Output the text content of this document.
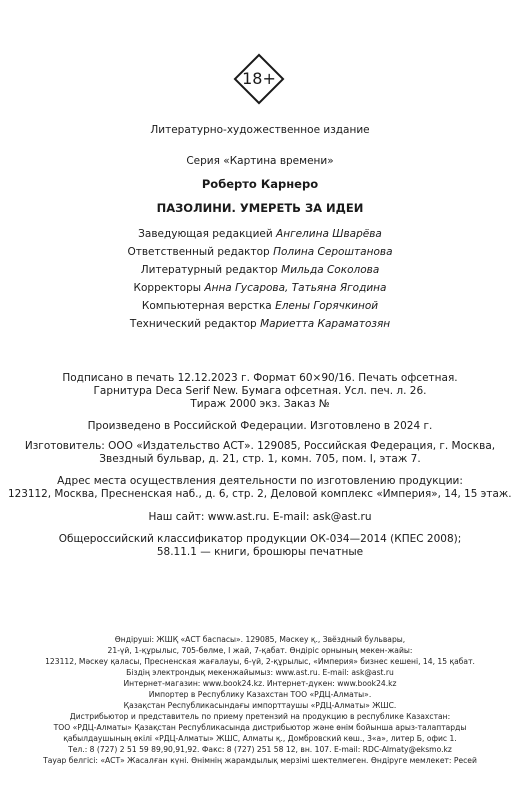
18+
Литературно-художественное издание
Серия «Картина времени»
Роберто Карнеро
ПАЗОЛИНИ. УМЕРЕТЬ ЗА ИДЕИ
Заведующая редакцией Ангелина Шварёва
Ответственный редактор Полина Сероштанова
Литературный редактор Мильда Соколова
Корректоры Анна Гусарова, Татьяна Ягодина
Компьютерная верстка Елены Горячкиной
Технический редактор Мариетта Караматозян
Подписано в печать 12.12.2023 г. Формат 60×90/16. Печать офсетная.
Гарнитура Deca Serif New. Бумага офсетная. Усл. печ. л. 26.
Тираж 2000 экз. Заказ №
Произведено в Российской Федерации. Изготовлено в 2024 г.
Изготовитель: ООО «Издательство АСТ». 129085, Российская Федерация, г. Москва,
Звездный бульвар, д. 21, стр. 1, комн. 705, пом. I, этаж 7.
Адрес места осуществления деятельности по изготовлению продукции:
123112, Москва, Пресненская наб., д. 6, стр. 2, Деловой комплекс «Империя», 14, 15 этаж.
Наш сайт: www.ast.ru. E-mail: ask@ast.ru
Общероссийский классификатор продукции ОК-034—2014 (КПЕС 2008);
58.11.1 — книги, брошюры печатные
Өндіруші: ЖШҚ «АСТ баспасы». 129085, Мәскеу қ., Звёздный бульвары,
21-үй, 1-құрылыс, 705-бөлме, I жай, 7-қабат. Өндіріс орнының мекен-жайы:
123112, Мәскеу қаласы, Пресненская жағалауы, 6-үй, 2-құрылыс, «Империя» бизнес кешені, 14, 15 қабат.
Біздің электрондық мекенжайымыз: www.ast.ru. E-mail: ask@ast.ru
Интернет-магазин: www.book24.kz. Интернет-дүкен: www.book24.kz
Импортер в Республику Казахстан ТОО «РДЦ-Алматы».
Қазақстан Республикасындағы импорттаушы «РДЦ-Алматы» ЖШС.
Дистрибьютор и представитель по приему претензий на продукцию в республике Казахстан:
ТОО «РДЦ-Алматы» Қазақстан Республикасында дистрибьютор және өнім бойынша арыз-талаптарды
қабылдаушының өкілі «РДЦ-Алматы» ЖШС, Алматы қ., Домбровский көш., 3«а», литер Б, офис 1.
Тел.: 8 (727) 2 51 59 89,90,91,92. Факс: 8 (727) 251 58 12, вн. 107. E-mail: RDC-Almaty@eksmo.kz
Тауар белгісі: «АСТ» Жасалған күні. Өнімнің жарамдылық мерзімі шектелмеген. Өндіруге мемлекет: Ресей
